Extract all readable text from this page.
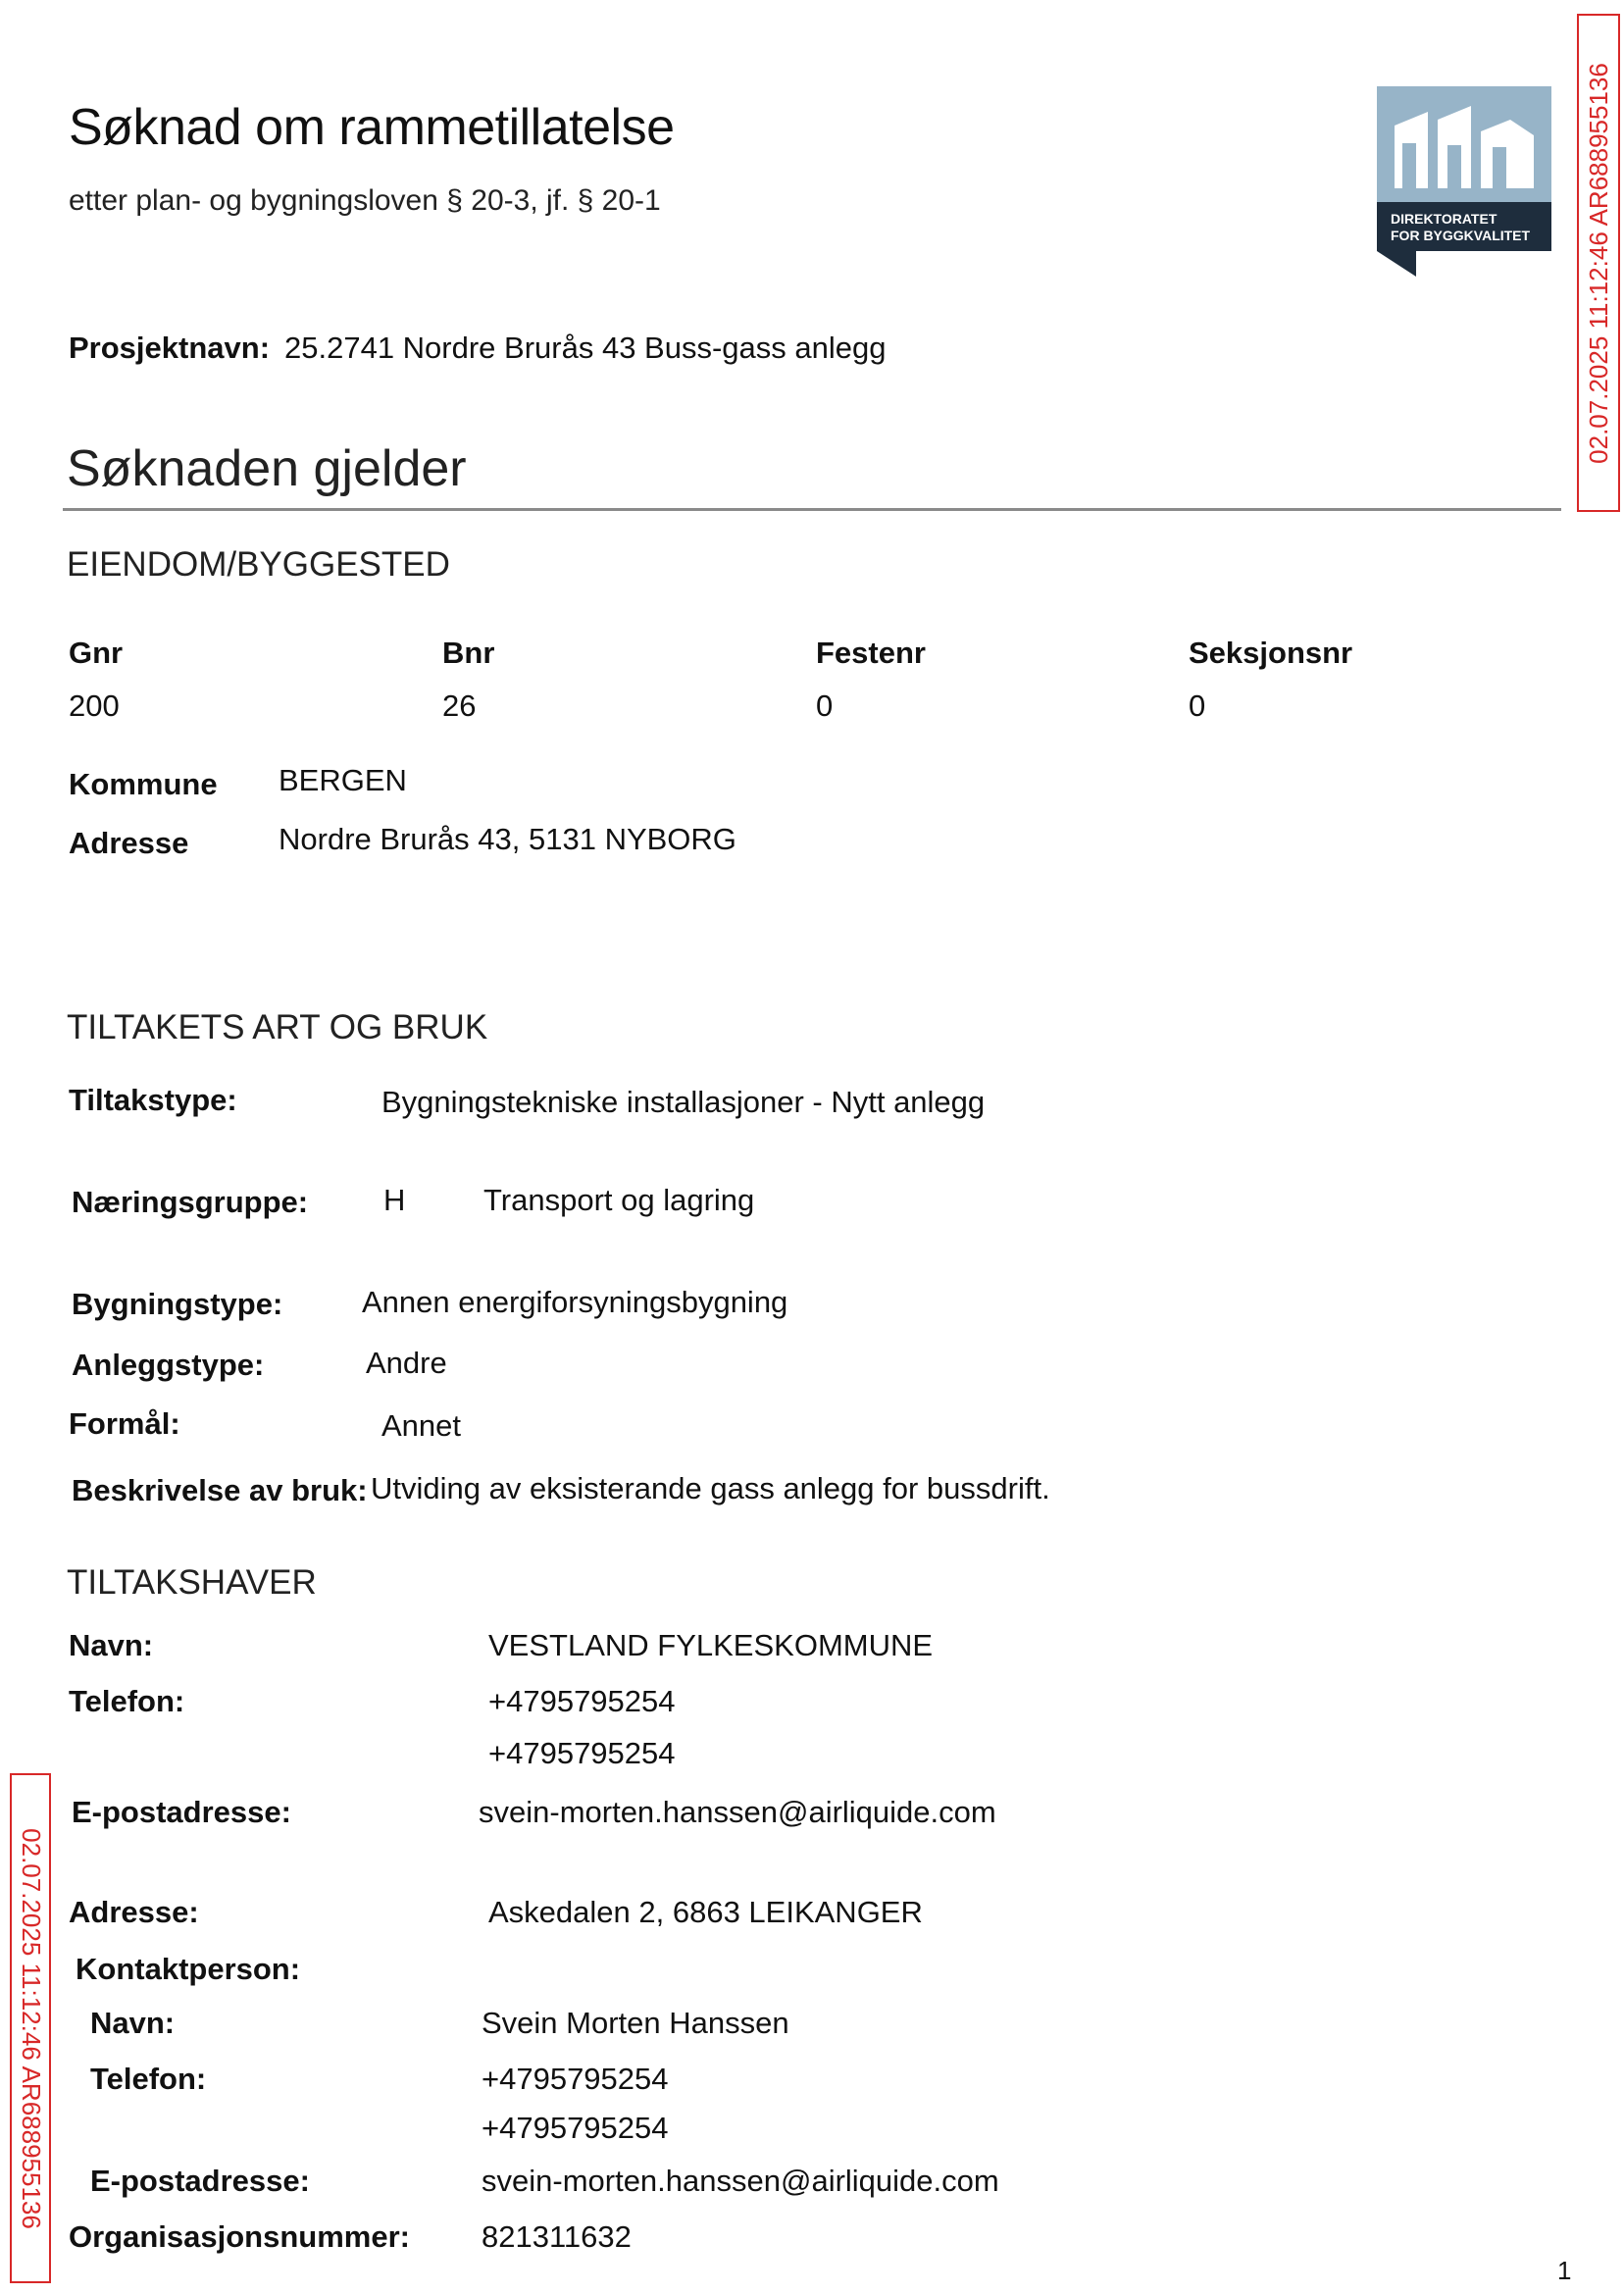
Søknad om rammetillatelse
etter plan- og bygningsloven § 20-3, jf. § 20-1
DIREKTORATET
FOR BYGGKVALITET 02.07.2025 11:12:46 AR688955136
02.07.2025 11:12:46 AR688955136
Prosjektnavn: 25.2741 Nordre Brurås 43 Buss-gass anlegg
Søknaden gjelder
EIENDOM/BYGGESTED
Gnr	Bnr	Festenr	Seksjonsnr
200	26	0	0
Kommune BERGEN
Adresse	Nordre Brurås 43, 5131 NYBORG
TILTAKETS ART OG BRUK
Tiltakstype:	Bygningstekniske installasjoner - Nytt anlegg
Næringsgruppe: H	Transport og lagring
Bygningstype:	Annen energiforsyningsbygning
Anleggstype:	Andre
Formål:	Annet
Beskrivelse av bruk: Utviding av eksisterande gass anlegg for bussdrift.
TILTAKSHAVER
Navn:	VESTLAND FYLKESKOMMUNE
Telefon:	+4795795254
+4795795254
E-postadresse:	svein-morten.hanssen@airliquide.com
Adresse:	Askedalen 2, 6863 LEIKANGER
Kontaktperson:
Navn:	Svein Morten Hanssen
Telefon:	+4795795254
+4795795254
E-postadresse:	svein-morten.hanssen@airliquide.com
Organisasjonsnummer: 821311632
1
